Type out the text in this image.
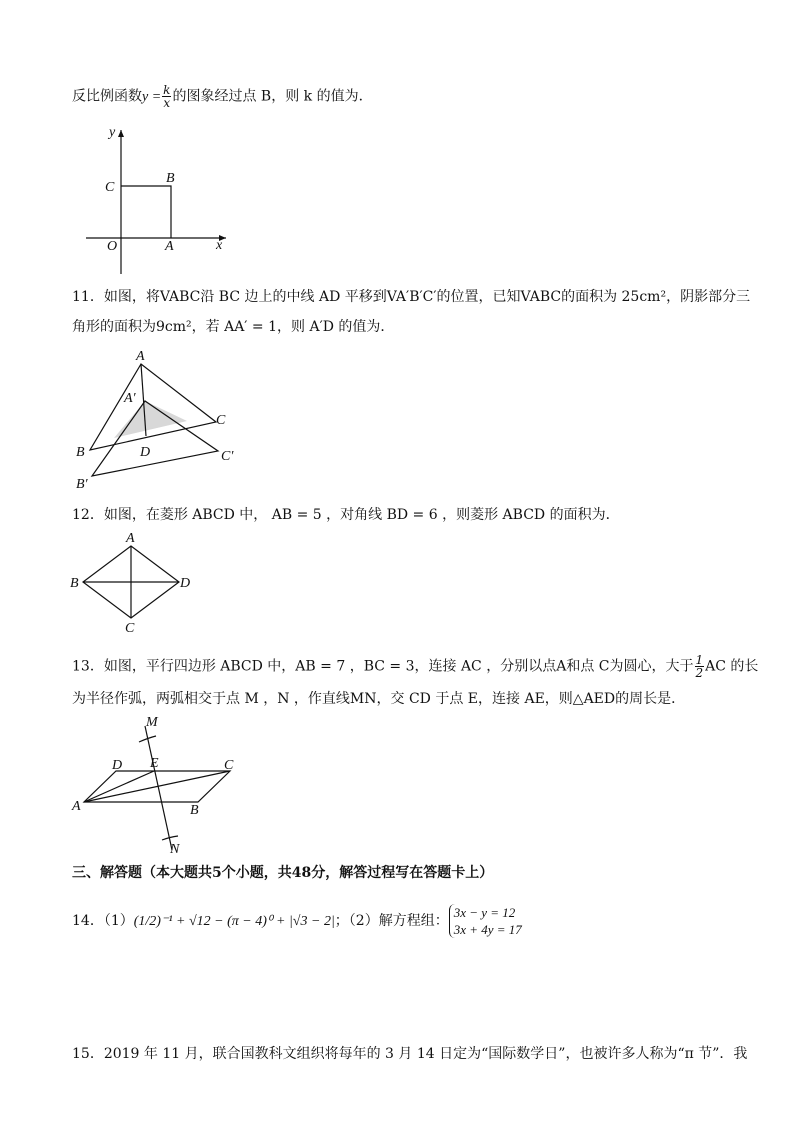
反比例函数$y = \frac{k}{x}$ 的图象经过点 B，则 k 的值为．
y
x
O	A
B
C
11．如图，将VABC沿 BC 边上的中线 AD 平移到VA′B′C′的位置，已知VABC的面积为 25cm²，阴影部分三
角形的面积为9cm²，若 AA′ = 1，则 A′D 的值为．
A
A′
B
B′
C
C′
D
12．如图，在菱形 ABCD 中， AB = 5 ，对角线 BD = 6 ，则菱形 ABCD 的面积为．
A
B
C
D
13．如图，平行四边形 ABCD 中，AB = 7 ，BC = 3，连接 AC ，分别以点A和点 C为圆心，大于 $\frac{1}{2}$ AC 的长
为半径作弧，两弧相交于点 M ，N ，作直线MN，交 CD 于点 E，连接 AE，则△AED的周长是．
M
N
D E	C
A	B
三、解答题（本大题共5个小题，共48分，解答过程写在答题卡上）
14．（1）(1/2)⁻¹ + √12 − (π − 4)⁰ + |√3 − 2|；（2）解方程组：
3x − y = 12
3x + 4y = 17
15．2019 年 11 月，联合国教科文组织将每年的 3 月 14 日定为“国际数学日”，也被许多人称为“π 节”．我
